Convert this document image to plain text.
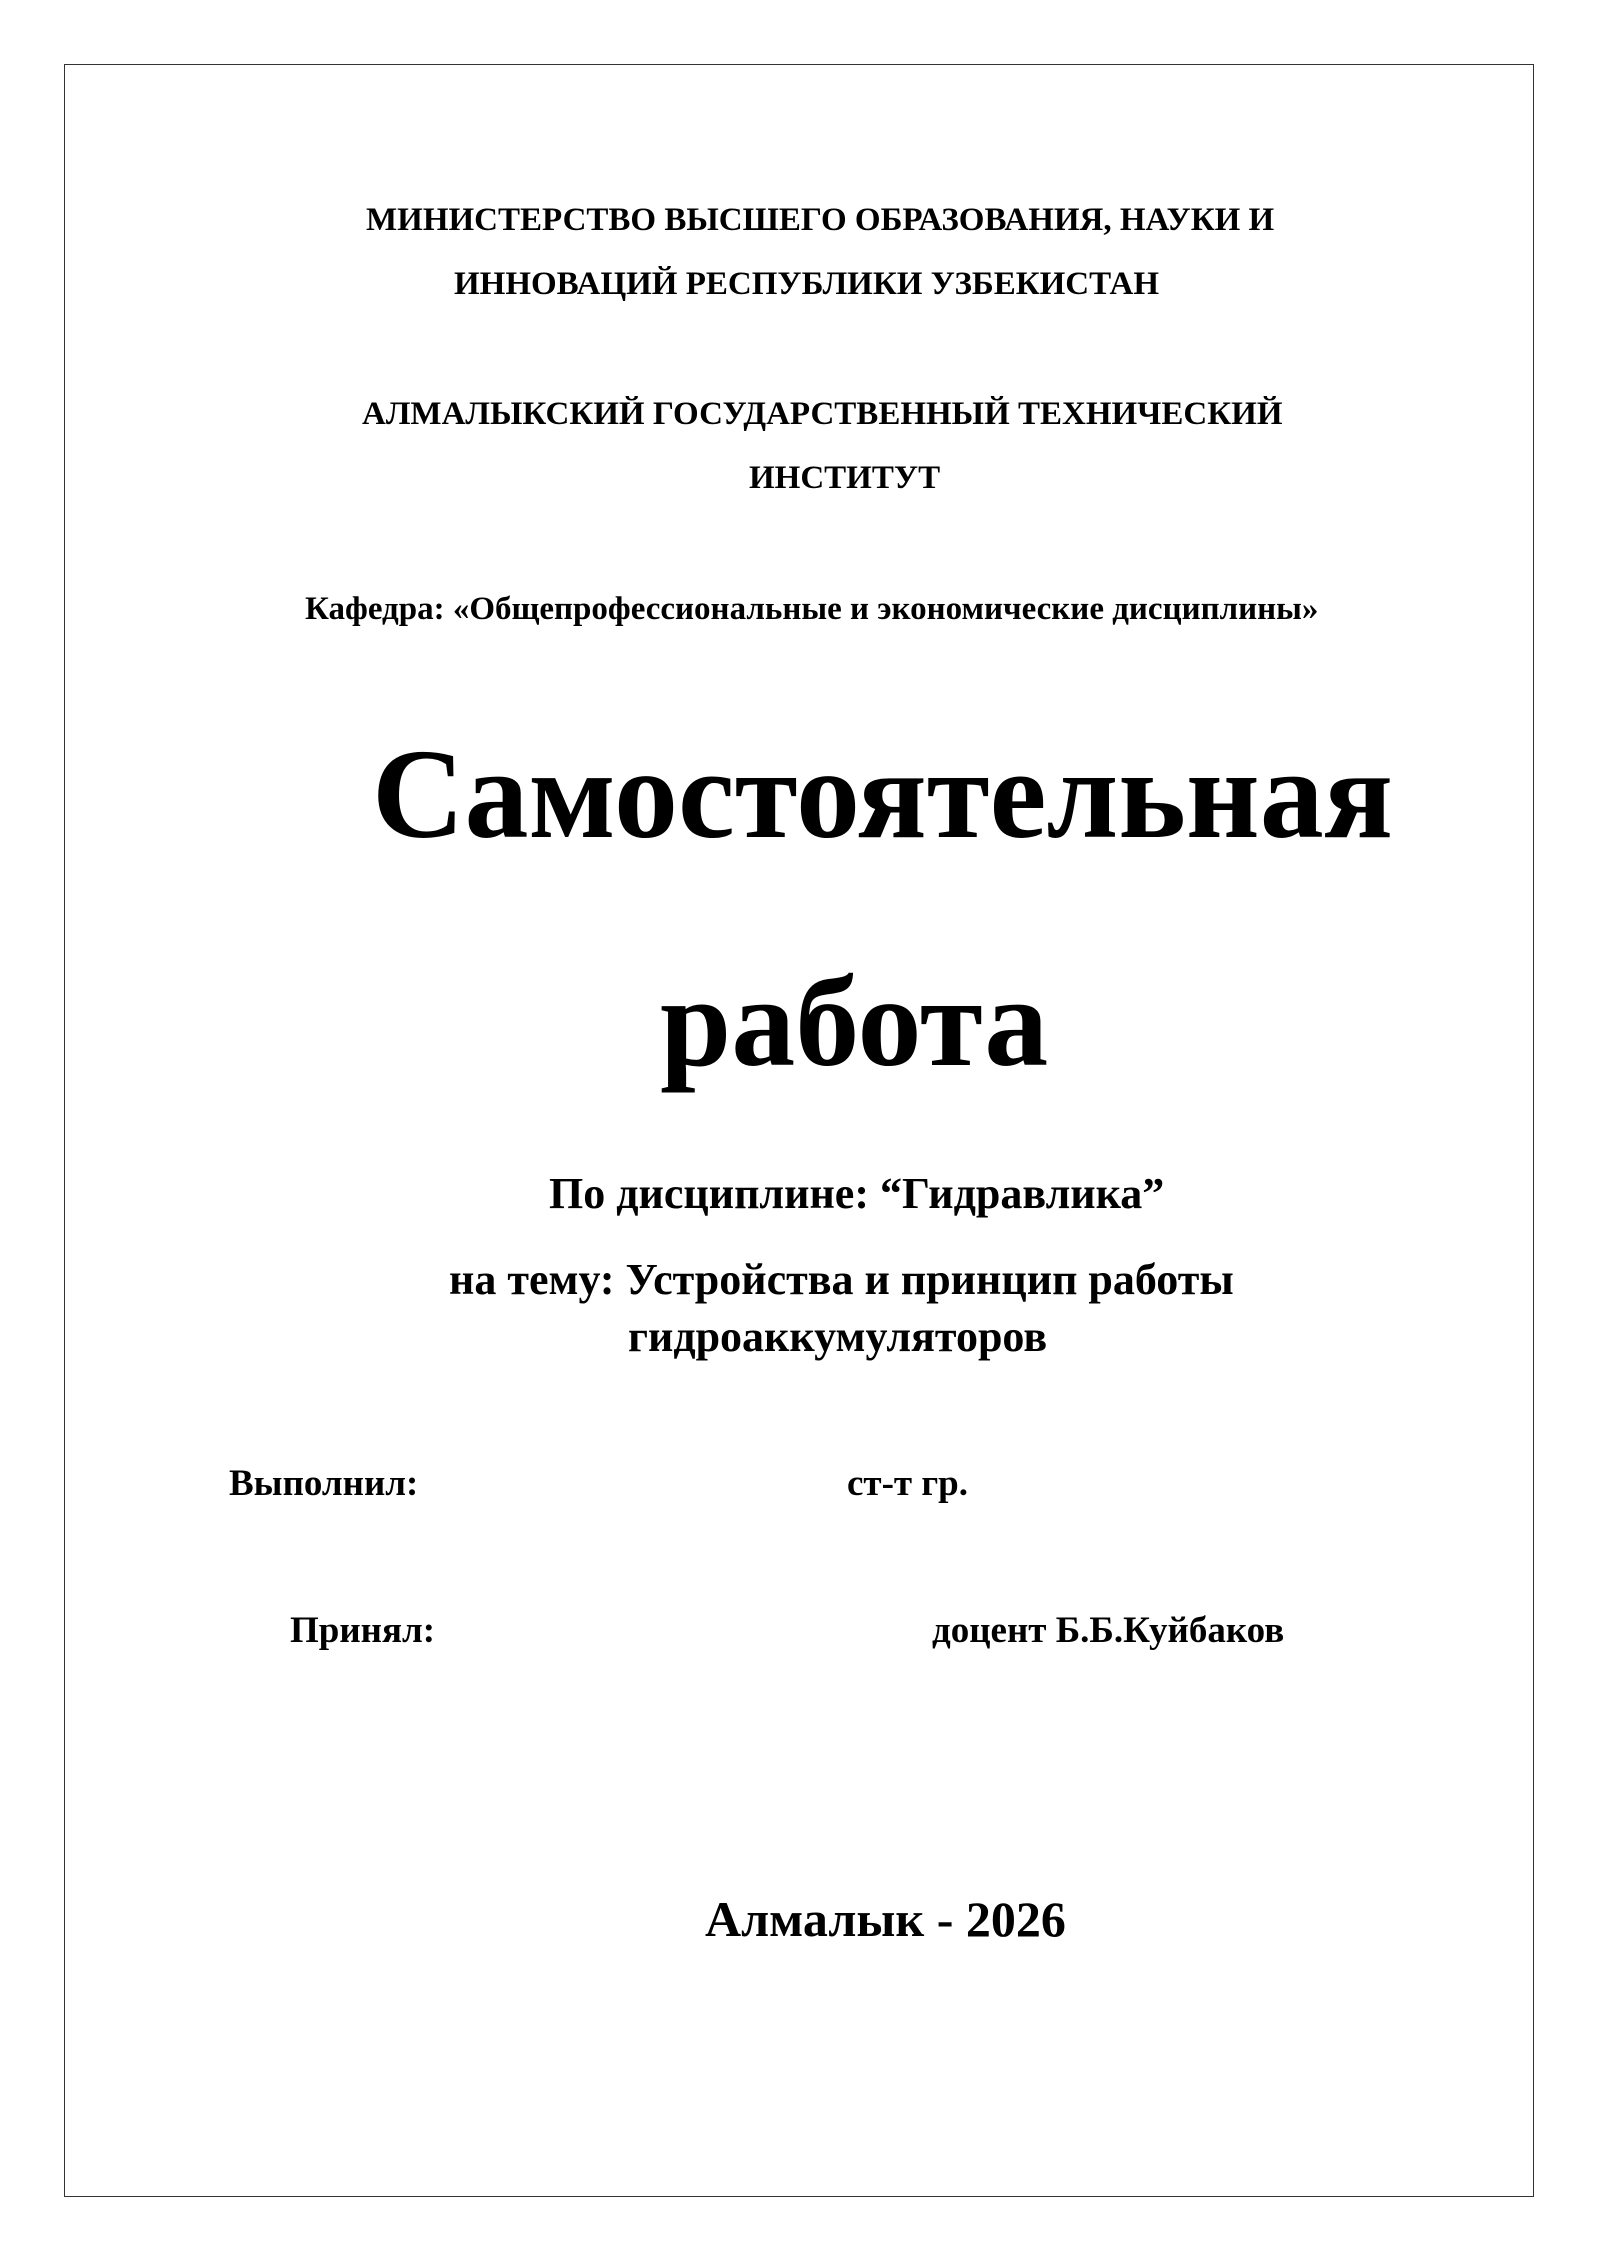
МИНИСТЕРСТВО ВЫСШЕГО ОБРАЗОВАНИЯ, НАУКИ И
ИННОВАЦИЙ РЕСПУБЛИКИ УЗБЕКИСТАН
АЛМАЛЫКСКИЙ ГОСУДАРСТВЕННЫЙ ТЕХНИЧЕСКИЙ
ИНСТИТУТ
Кафедра: «Общепрофессиональные и экономические дисциплины»
Самостоятельная
работа
По дисциплине: “Гидравлика”
на тему: Устройства и принцип работы
гидроаккумуляторов
Выполнил:	ст-т гр.
Принял:	доцент Б.Б.Куйбаков
Алмалык - 2026
